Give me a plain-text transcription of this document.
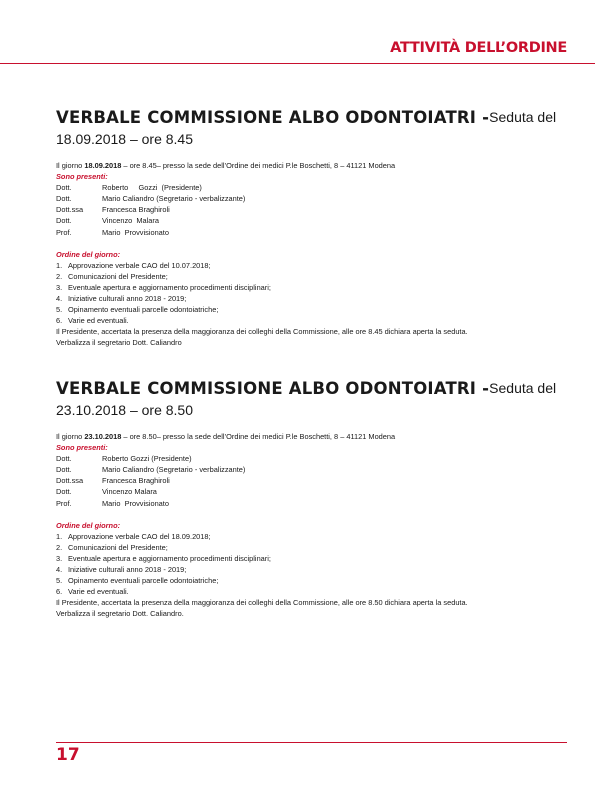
ATTIVITÀ DELL’ORDINE
VERBALE COMMISSIONE ALBO ODONTOIATRI - Seduta del
18.09.2018 – ore 8.45
Il giorno 18.09.2018 – ore 8.45– presso la sede dell’Ordine dei medici P.le Boschetti, 8 – 41121 Modena
Sono presenti:
Dott.	Roberto     Gozzi  (Presidente)
Dott.	Mario Caliandro (Segretario - verbalizzante)
Dott.ssa	Francesca Braghiroli
Dott.	Vincenzo  Malara
Prof.	Mario  Provvisionato
Ordine del giorno:
1. Approvazione verbale CAO del 10.07.2018;
2. Comunicazioni del Presidente;
3. Eventuale apertura e aggiornamento procedimenti disciplinari;
4. Iniziative culturali anno 2018 - 2019;
5. Opinamento eventuali parcelle odontoiatriche;
6. Varie ed eventuali.
Il Presidente, accertata la presenza della maggioranza dei colleghi della Commissione, alle ore 8.45 dichiara aperta la seduta.
Verbalizza il segretario Dott. Caliandro
VERBALE COMMISSIONE ALBO ODONTOIATRI - Seduta del
23.10.2018 – ore 8.50
Il giorno 23.10.2018 – ore 8.50– presso la sede dell’Ordine dei medici P.le Boschetti, 8 – 41121 Modena
Sono presenti:
Dott.	Roberto Gozzi (Presidente)
Dott.	Mario Caliandro (Segretario - verbalizzante)
Dott.ssa	Francesca Braghiroli
Dott.	Vincenzo Malara
Prof.	Mario  Provvisionato
Ordine del giorno:
1. Approvazione verbale CAO del 18.09.2018;
2. Comunicazioni del Presidente;
3. Eventuale apertura e aggiornamento procedimenti disciplinari;
4. Iniziative culturali anno 2018 - 2019;
5. Opinamento eventuali parcelle odontoiatriche;
6. Varie ed eventuali.
Il Presidente, accertata la presenza della maggioranza dei colleghi della Commissione, alle ore 8.50 dichiara aperta la seduta.
Verbalizza il segretario Dott. Caliandro.
17
